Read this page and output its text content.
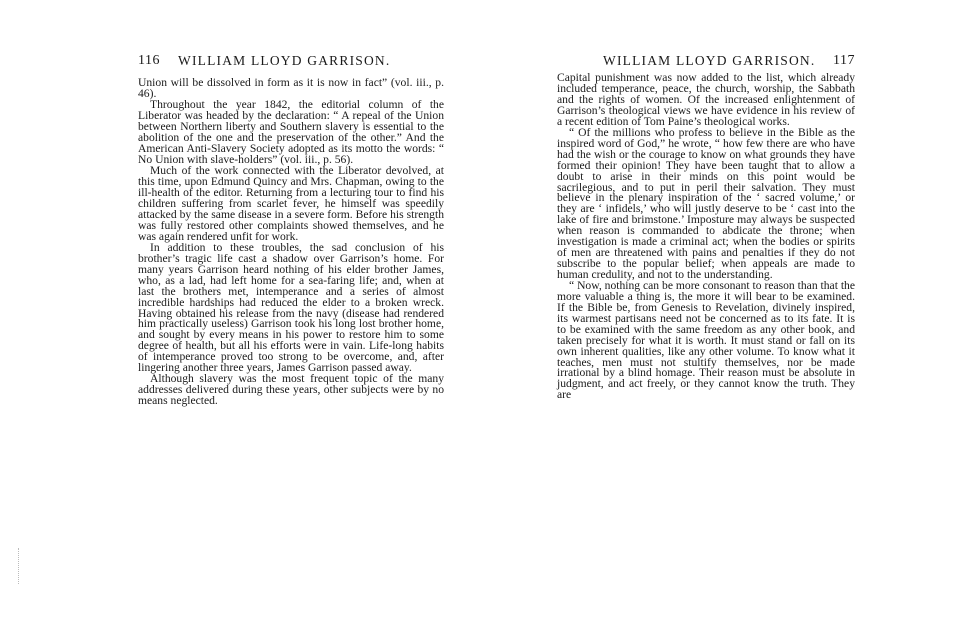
116 WILLIAM LLOYD GARRISON.

Union will be dissolved in form as it is now in fact” (vol. iii., p. 46).

Throughout the year 1842, the editorial column of the Liberator was headed by the declaration: “ A repeal of the Union between Northern liberty and Southern slavery is essential to the abolition of the one and the preservation of the other.” And the American Anti-Slavery Society adopted as its motto the words: “ No Union with slave-holders” (vol. iii., p. 56).

Much of the work connected with the Liberator devolved, at this time, upon Edmund Quincy and Mrs. Chapman, owing to the ill-health of the editor. Returning from a lecturing tour to find his children suffering from scarlet fever, he himself was speedily attacked by the same disease in a severe form. Before his strength was fully restored other complaints showed themselves, and he was again rendered unfit for work.

In addition to these troubles, the sad conclusion of his brother’s tragic life cast a shadow over Garrison’s home. For many years Garrison heard nothing of his elder brother James, who, as a lad, had left home for a sea-faring life; and, when at last the brothers met, intemperance and a series of almost incredible hardships had reduced the elder to a broken wreck. Having obtained his release from the navy (disease had rendered him practically useless) Garrison took his long lost brother home, and sought by every means in his power to restore him to some degree of health, but all his efforts were in vain. Life-long habits of intemperance proved too strong to be overcome, and, after lingering another three years, James Garrison passed away.

Although slavery was the most frequent topic of the many addresses delivered during these years, other subjects were by no means neglected.

WILLIAM LLOYD GARRISON. 117

Capital punishment was now added to the list, which already included temperance, peace, the church, worship, the Sabbath and the rights of women. Of the increased enlightenment of Garrison’s theological views we have evidence in his review of a recent edition of Tom Paine’s theological works.

“ Of the millions who profess to believe in the Bible as the inspired word of God,” he wrote, “ how few there are who have had the wish or the courage to know on what grounds they have formed their opinion! They have been taught that to allow a doubt to arise in their minds on this point would be sacrilegious, and to put in peril their salvation. They must believe in the plenary inspiration of the ‘ sacred volume,’ or they are ‘ infidels,’ who will justly deserve to be ‘ cast into the lake of fire and brimstone.’ Imposture may always be suspected when reason is commanded to abdicate the throne; when investigation is made a criminal act; when the bodies or spirits of men are threatened with pains and penalties if they do not subscribe to the popular belief; when appeals are made to human credulity, and not to the understanding.

“ Now, nothing can be more consonant to reason than that the more valuable a thing is, the more it will bear to be examined. If the Bible be, from Genesis to Revelation, divinely inspired, its warmest partisans need not be concerned as to its fate. It is to be examined with the same freedom as any other book, and taken precisely for what it is worth. It must stand or fall on its own inherent qualities, like any other volume. To know what it teaches, men must not stultify themselves, nor be made irrational by a blind homage. Their reason must be absolute in judgment, and act freely, or they cannot know the truth. They are
